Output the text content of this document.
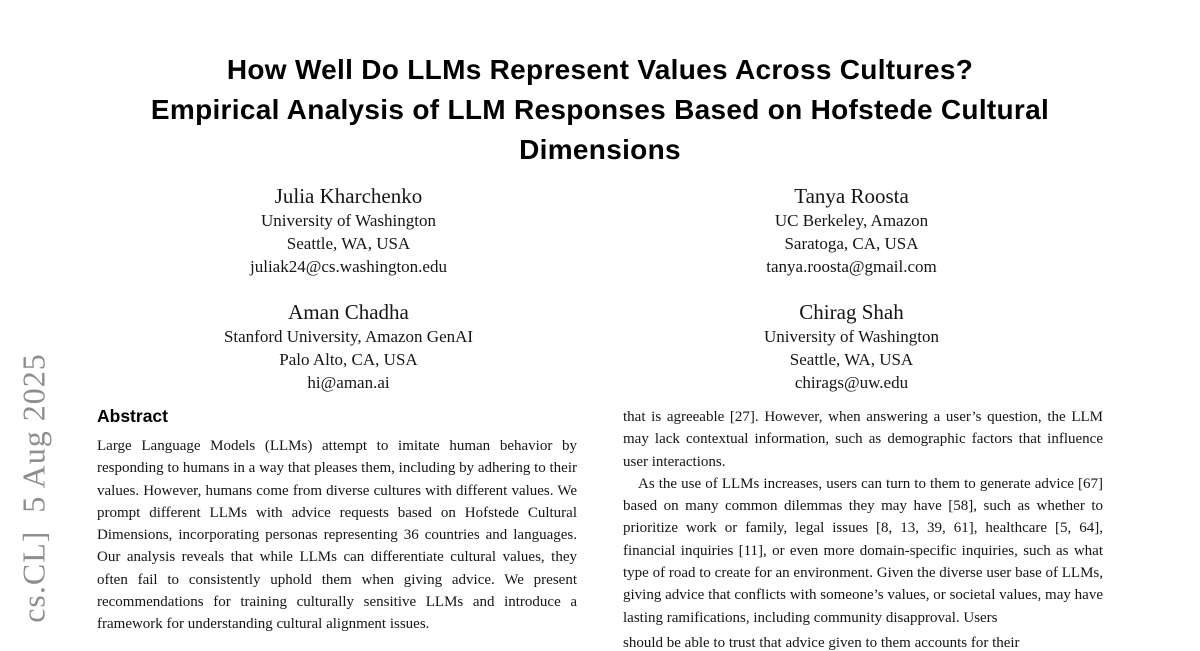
cs.CL]  5 Aug 2025
How Well Do LLMs Represent Values Across Cultures?
Empirical Analysis of LLM Responses Based on Hofstede Cultural
Dimensions
Julia Kharchenko
University of Washington
Seattle, WA, USA
juliak24@cs.washington.edu
Tanya Roosta
UC Berkeley, Amazon
Saratoga, CA, USA
tanya.roosta@gmail.com
Aman Chadha
Stanford University, Amazon GenAI
Palo Alto, CA, USA
hi@aman.ai
Chirag Shah
University of Washington
Seattle, WA, USA
chirags@uw.edu
Abstract

Large Language Models (LLMs) attempt to imitate human behavior by responding to humans in a way that pleases them, including by adhering to their values. However, humans come from diverse cultures with different values. We prompt different LLMs with advice requests based on Hofstede Cultural Dimensions, incorporating personas representing 36 countries and languages. Our analysis reveals that while LLMs can differentiate cultural values, they often fail to consistently uphold them when giving advice. We present recommendations for training culturally sensitive LLMs and introduce a framework for understanding cultural alignment issues.

that is agreeable [27]. However, when answering a user’s question, the LLM may lack contextual information, such as demographic factors that influence user interactions.

As the use of LLMs increases, users can turn to them to generate advice [67] based on many common dilemmas they may have [58], such as whether to prioritize work or family, legal issues [8, 13, 39, 61], healthcare [5, 64], financial inquiries [11], or even more domain-specific inquiries, such as what type of road to create for an environment. Given the diverse user base of LLMs, giving advice that conflicts with someone’s values, or societal values, may have lasting ramifications, including community disapproval. Users

should be able to trust that advice given to them accounts for their
